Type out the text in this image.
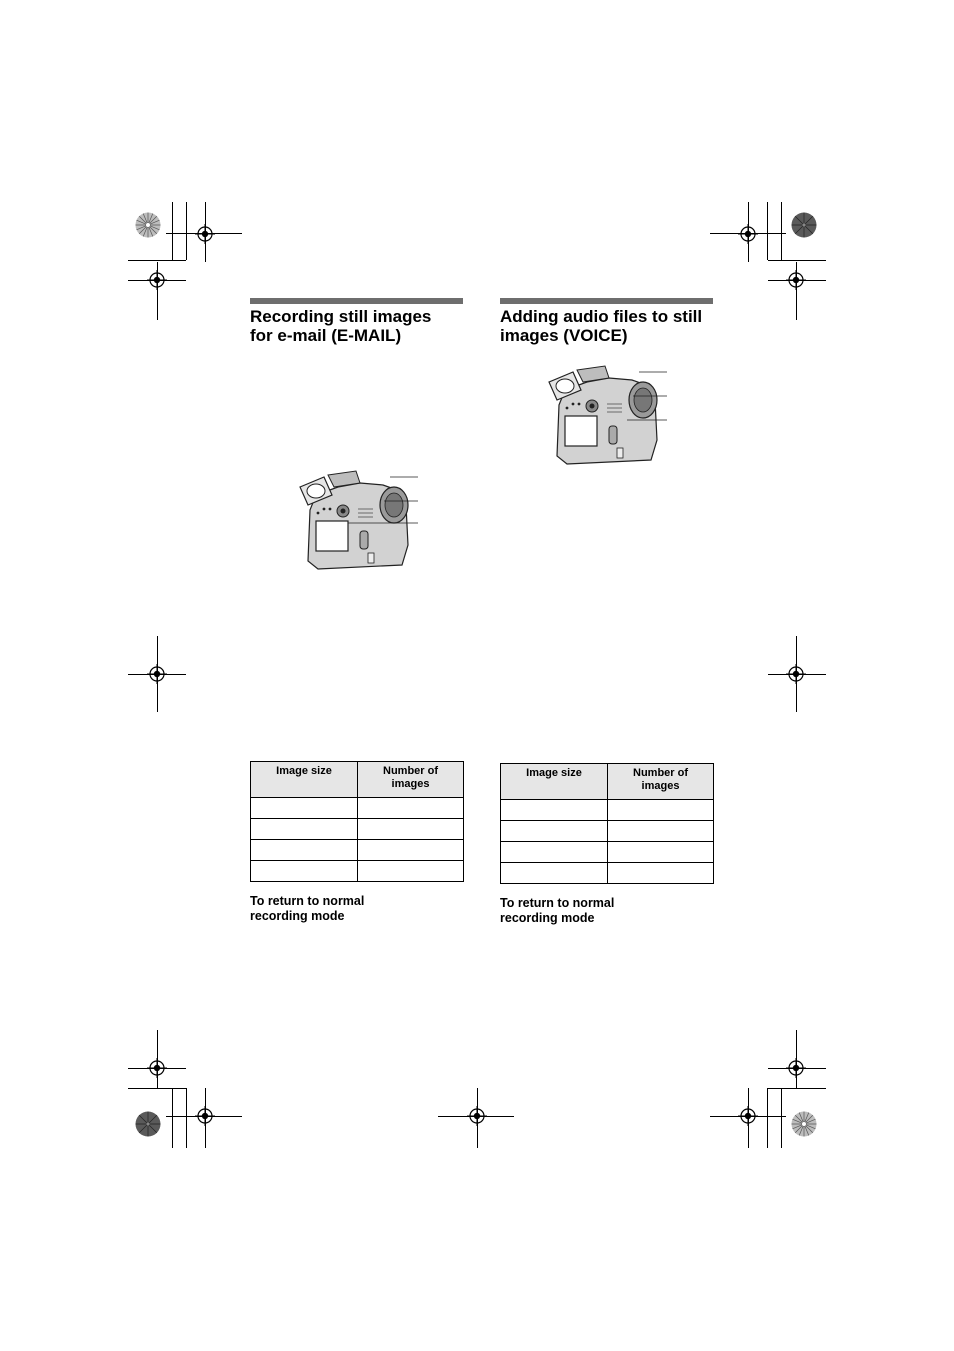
Recording still images for e-mail (E-MAIL)
Image size	Number of images

To return to normal recording mode

Adding audio files to still images (VOICE)
Image size	Number of images

To return to normal recording mode
